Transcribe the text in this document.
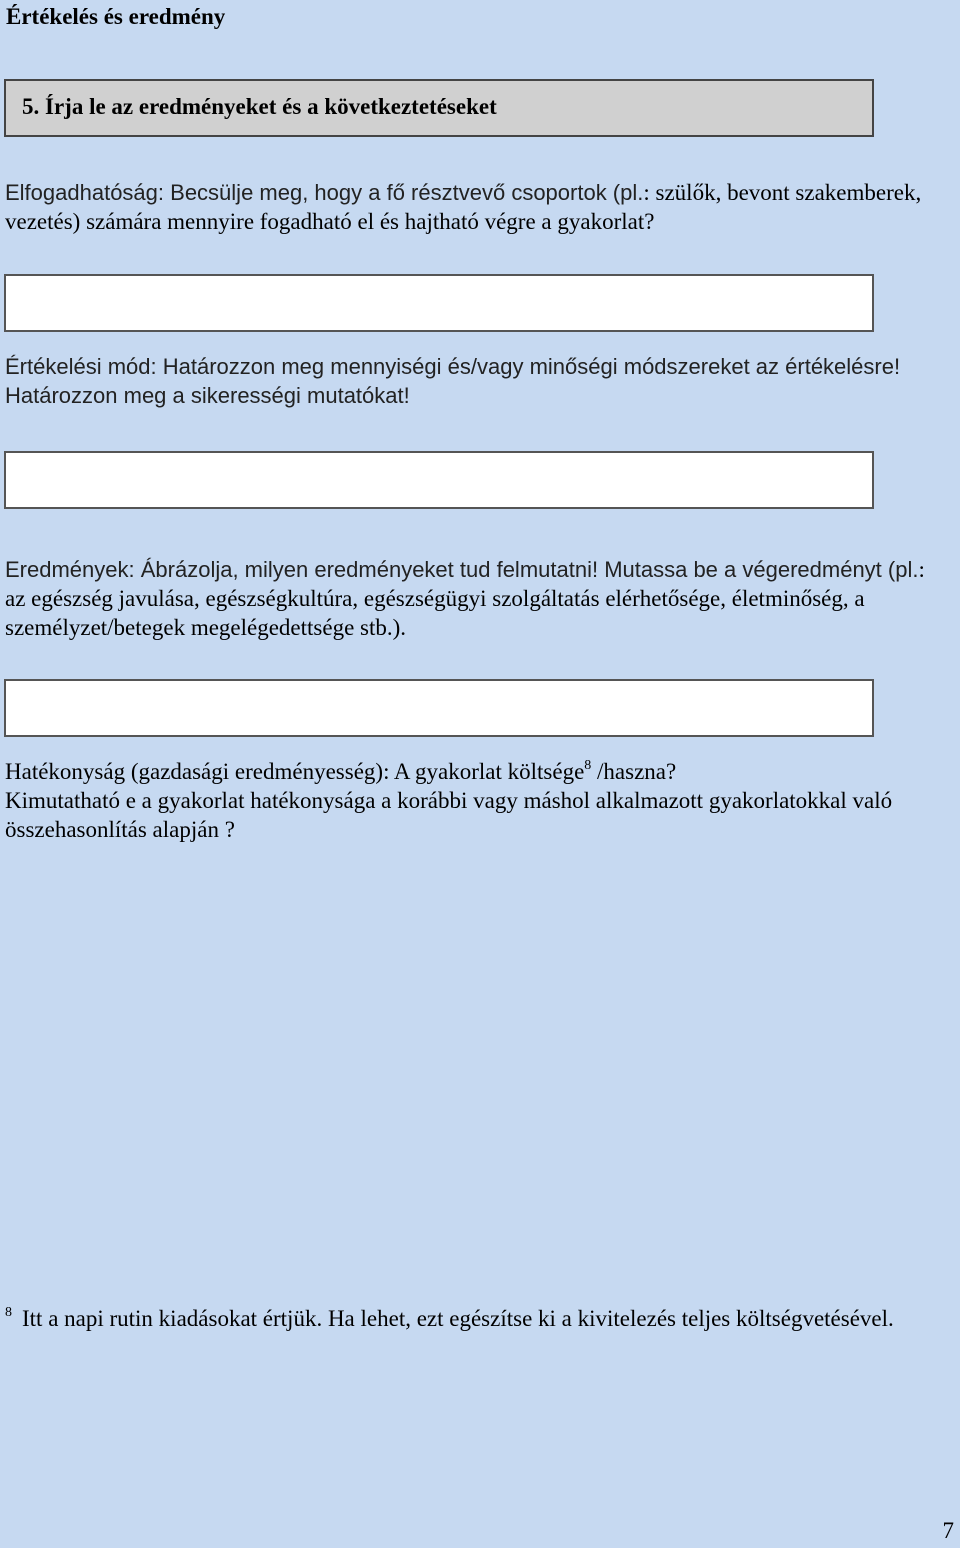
Értékelés és eredmény
5. Írja le az eredményeket és a következtetéseket

Elfogadhatóság: Becsülje meg, hogy a fő résztvevő csoportok (pl.: szülők, bevont szakemberek, vezetés) számára mennyire fogadható el és hajtható végre a gyakorlat?

Értékelési mód: Határozzon meg mennyiségi és/vagy minőségi módszereket az értékelésre! Határozzon meg a sikerességi mutatókat!

Eredmények: Ábrázolja, milyen eredményeket tud felmutatni! Mutassa be a végeredményt (pl.: az egészség javulása, egészségkultúra, egészségügyi szolgáltatás elérhetősége, életminőség, a személyzet/betegek megelégedettsége stb.).

Hatékonyság (gazdasági eredményesség): A gyakorlat költsége$^8$ /haszna?
Kimutatható e a gyakorlat hatékonysága a korábbi vagy máshol alkalmazott gyakorlatokkal való összehasonlítás alapján ?

$^8$ Itt a napi rutin kiadásokat értjük. Ha lehet, ezt egészítse ki a kivitelezés teljes költségvetésével.

7
